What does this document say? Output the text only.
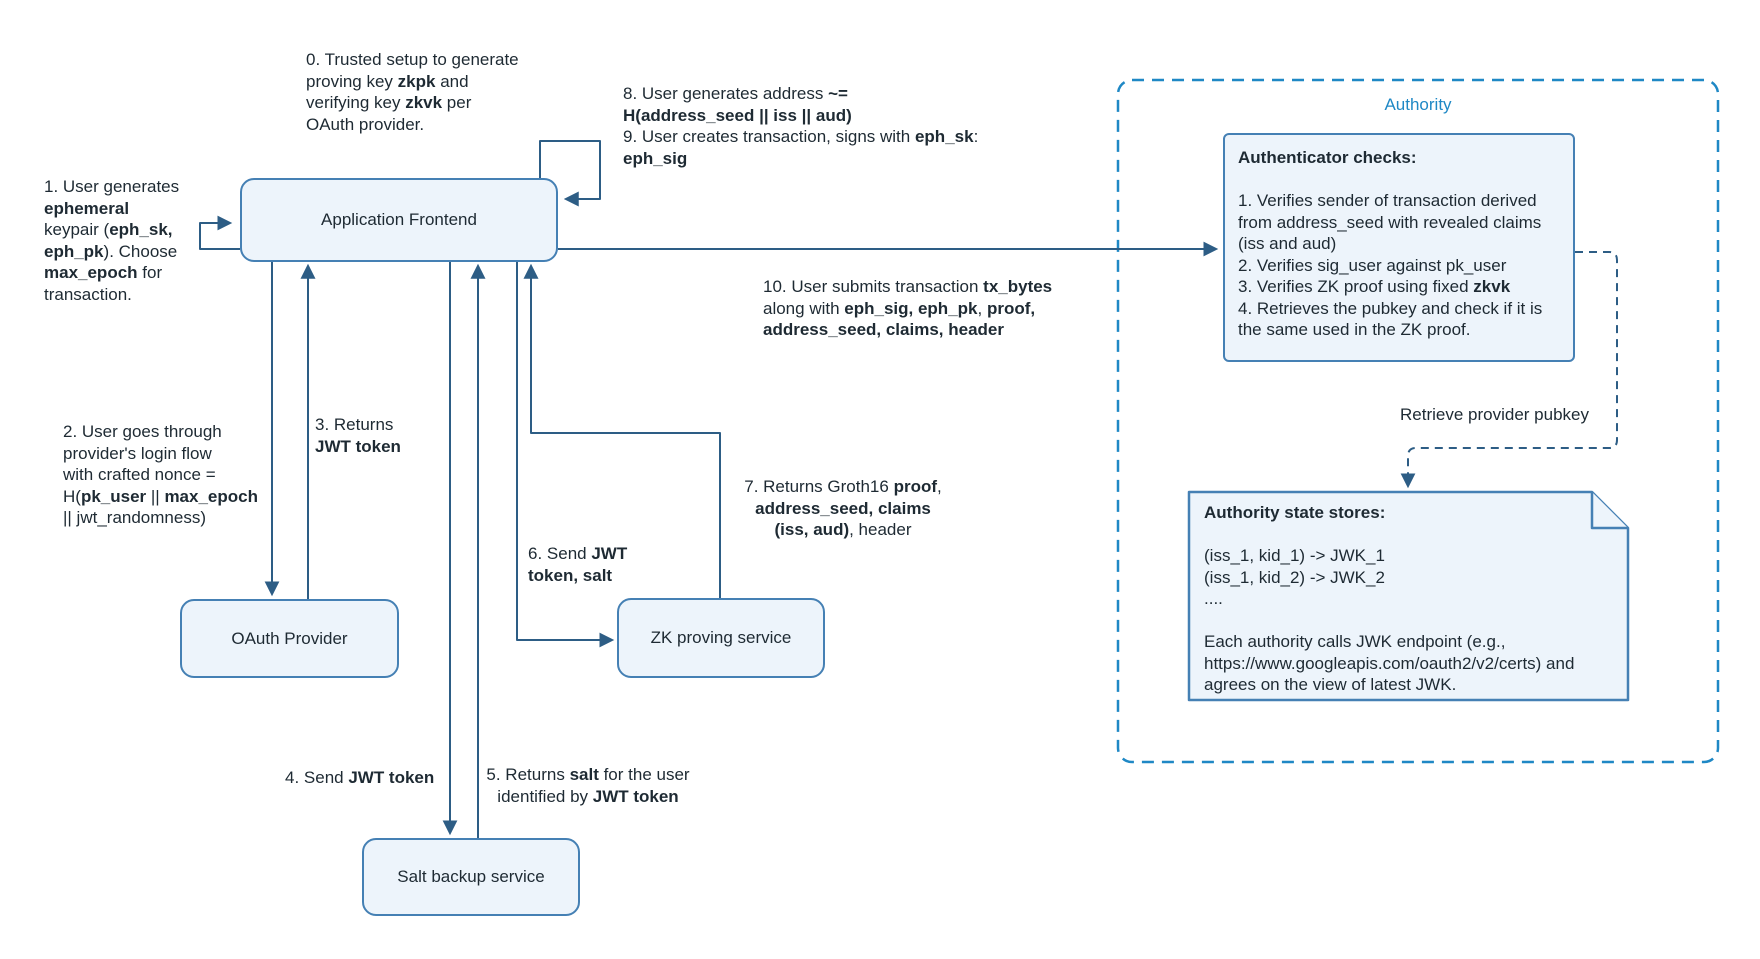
Application Frontend
OAuth Provider	ZK proving service
Salt backup service
Authority
Authenticator checks:

1. Verifies sender of transaction derived
from address_seed with revealed claims
(iss and aud)
2. Verifies sig_user against pk_user
3. Verifies ZK proof using fixed zkvk
4. Retrieves the pubkey and check if it is
the same used in the ZK proof.
Authority state stores:

(iss_1, kid_1) -> JWK_1
(iss_1, kid_2) -> JWK_2
....

Each authority calls JWK endpoint (e.g.,
https://www.googleapis.com/oauth2/v2/certs) and
agrees on the view of latest JWK.
Retrieve provider pubkey
0. Trusted setup to generate
proving key zkpk and
verifying key zkvk per
OAuth provider.
1. User generates
ephemeral
keypair (eph_sk,
eph_pk). Choose
max_epoch for
transaction.
8. User generates address ~=
H(address_seed || iss || aud)
9. User creates transaction, signs with eph_sk:
eph_sig
10. User submits transaction tx_bytes
along with eph_sig, eph_pk, proof,
address_seed, claims, header
2. User goes through
provider's login flow
with crafted nonce =
H(pk_user || max_epoch
|| jwt_randomness)
3. Returns
JWT token
6. Send JWT
token, salt
7. Returns Groth16 proof,
address_seed, claims
(iss, aud), header
4. Send JWT token	5. Returns salt for the user
identified by JWT token
